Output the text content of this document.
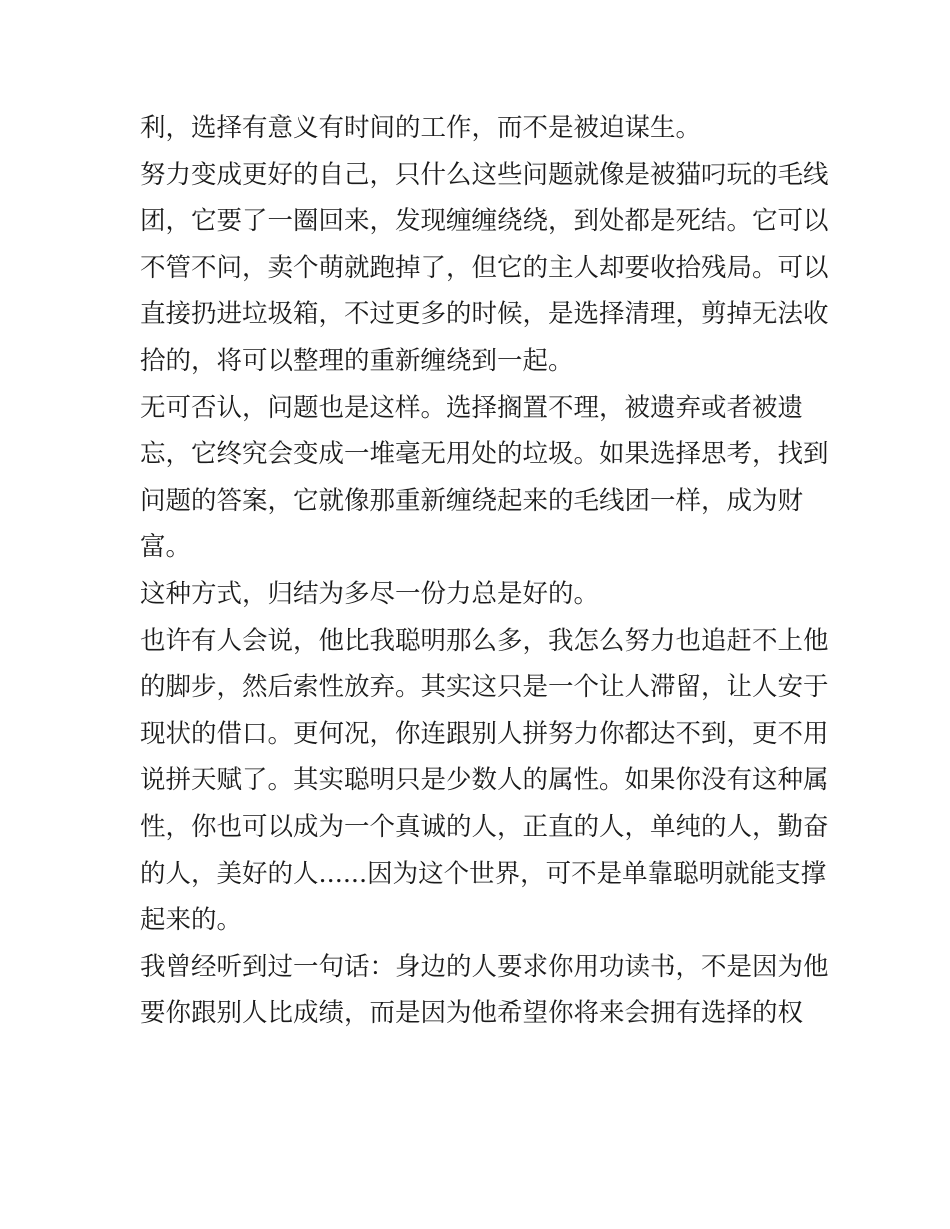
利，选择有意义有时间的工作，而不是被迫谋生。

努力变成更好的自己，只什么这些问题就像是被猫叼玩的毛线
团，它要了一圈回来，发现缠缠绕绕，到处都是死结。它可以
不管不问，卖个萌就跑掉了，但它的主人却要收拾残局。可以
直接扔进垃圾箱，不过更多的时候，是选择清理，剪掉无法收
拾的，将可以整理的重新缠绕到一起。

无可否认，问题也是这样。选择搁置不理，被遗弃或者被遗
忘，它终究会变成一堆毫无用处的垃圾。如果选择思考，找到
问题的答案，它就像那重新缠绕起来的毛线团一样，成为财
富。

这种方式，归结为多尽一份力总是好的。

也许有人会说，他比我聪明那么多，我怎么努力也追赶不上他
的脚步，然后索性放弃。其实这只是一个让人滞留，让人安于
现状的借口。更何况，你连跟别人拼努力你都达不到，更不用
说拼天赋了。其实聪明只是少数人的属性。如果你没有这种属
性，你也可以成为一个真诚的人，正直的人，单纯的人，勤奋
的人，美好的人......因为这个世界，可不是单靠聪明就能支撑
起来的。

我曾经听到过一句话：身边的人要求你用功读书，不是因为他
要你跟别人比成绩，而是因为他希望你将来会拥有选择的权
